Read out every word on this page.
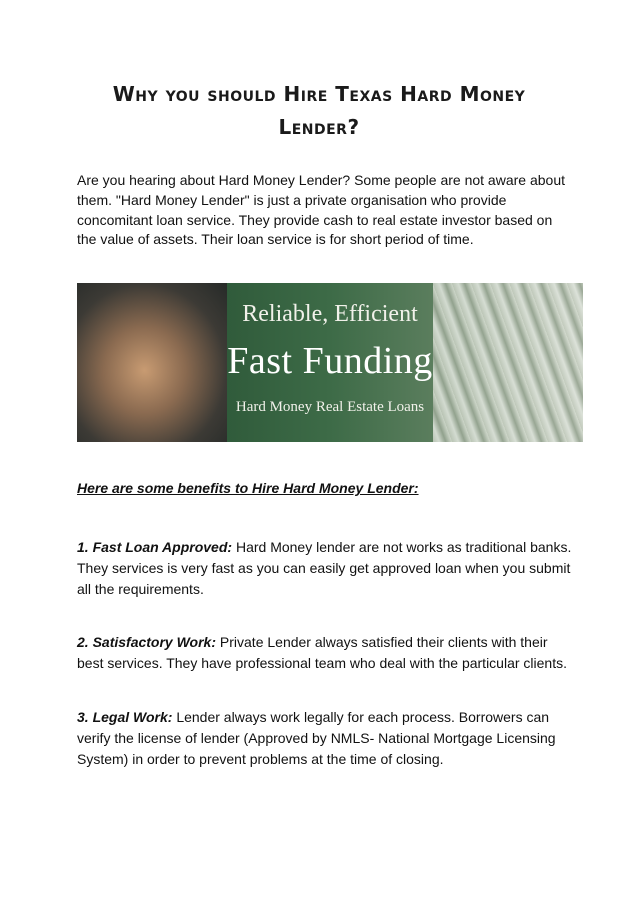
Why you should Hire Texas Hard Money
Lender?
Are you hearing about Hard Money Lender? Some people are not aware about
them. "Hard Money Lender" is just a private organisation who provide
concomitant loan service. They provide cash to real estate investor based on
the value of assets. Their loan service is for short period of time.
Reliable, Efficient
Fast Funding
Hard Money Real Estate Loans
Here are some benefits to Hire Hard Money Lender:
1. Fast Loan Approved: Hard Money lender are not works as traditional banks.
They services is very fast as you can easily get approved loan when you submit
all the requirements.
2. Satisfactory Work: Private Lender always satisfied their clients with their
best services. They have professional team who deal with the particular clients.
3. Legal Work: Lender always work legally for each process. Borrowers can
verify the license of lender (Approved by NMLS- National Mortgage Licensing
System) in order to prevent problems at the time of closing.
